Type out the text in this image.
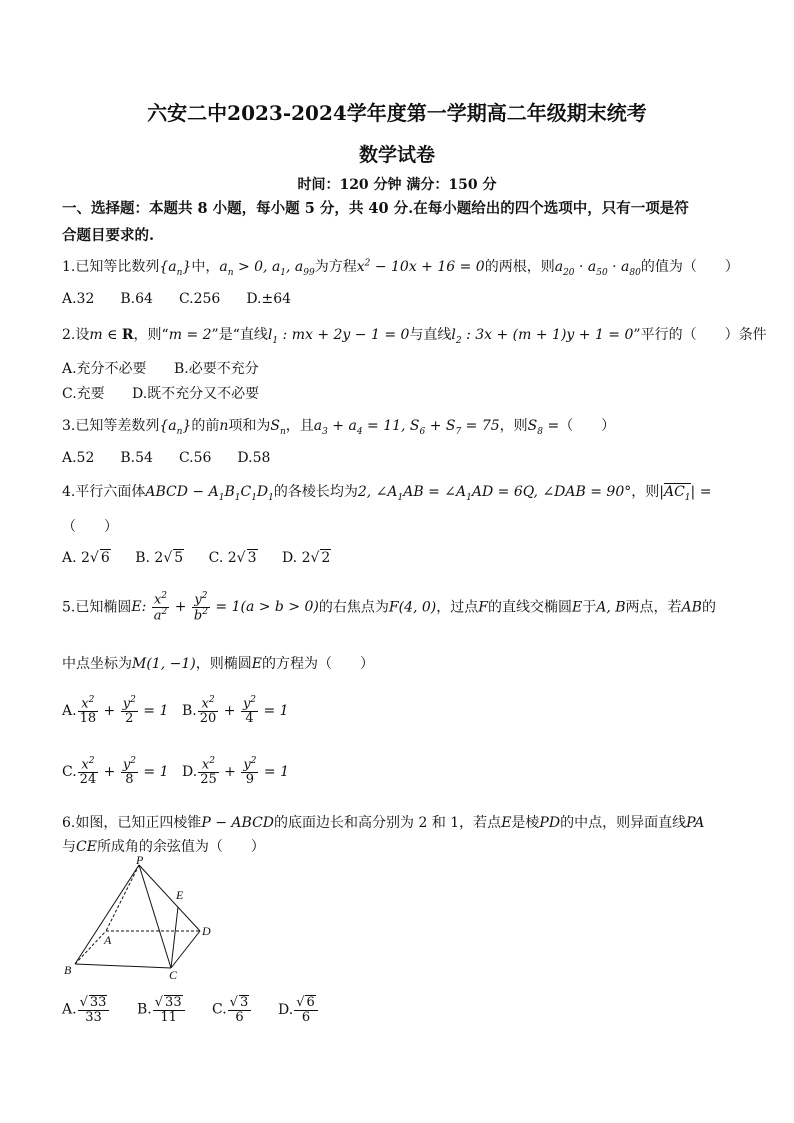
六安二中2023-2024学年度第一学期高二年级期末统考
数学试卷
时间：120 分钟 满分：150 分
一、选择题：本题共 8 小题，每小题 5 分，共 40 分.在每小题给出的四个选项中，只有一项是符
合题目要求的.
1.已知等比数列$\{a_n\}$中，$a_n > 0$, $a_1$, $a_{99}$为方程$x^2 - 10x + 16 = 0$的两根，则$a_{20} \cdot a_{50} \cdot a_{80}$的值为（　　）
A.32 B.64 C.256 D.±64
2.设m ∈ R，则“m = 2”是“直线$l_1$ : mx + 2y − 1 = 0与直线$l_2$ : 3x + (m + 1)y + 1 = 0”平行的（　　）条件
A.充分不必要 B.必要不充分
C.充要 D.既不充分又不必要
3.已知等差数列$\{a_n\}$的前n项和为$S_n$，且$a_3 + a_4 = 11$, $S_6 + S_7 = 75$，则$S_8$ =（　　）
A.52 B.54 C.56 D.58
4.平行六面体ABCD − $A_1B_1C_1D_1$的各棱长均为2, $\angle A_1AB$ = $\angle A_1AD = 6Q$, ∠DAB = 90°，则$|AC_1|$ =
（　　）
A. 2√ 6 B. 2√ 5 C. 2√ 3 D. 2√ 2
5.已知椭圆E: $\frac{x^2}{a^2} + \frac{y^2}{b^2} = 1(a > b > 0)$的右焦点为F(4, 0)，过点F的直线交椭圆E于A, B两点，若AB的
中点坐标为M(1, −1)，则椭圆E的方程为（　　）
A. $\frac{x^2}{18} + \frac{y^2}{2} = 1$ B. $\frac{x^2}{20} + \frac{y^2}{4} = 1$
C. $\frac{x^2}{24} + \frac{y^2}{8} = 1$ D. $\frac{x^2}{25} + \frac{y^2}{9} = 1$
6.如图，已知正四棱锥P − ABCD的底面边长和高分别为 2 和 1，若点E是棱PD的中点，则异面直线PA
与CE所成角的余弦值为（　　）
P
E
A
D
B	C
A. $\frac{√ 33}{33} B$. $\frac{√ 33}{11} C$. $\frac{√ 3}{6} D$. $\frac{√ 6}{6}$
